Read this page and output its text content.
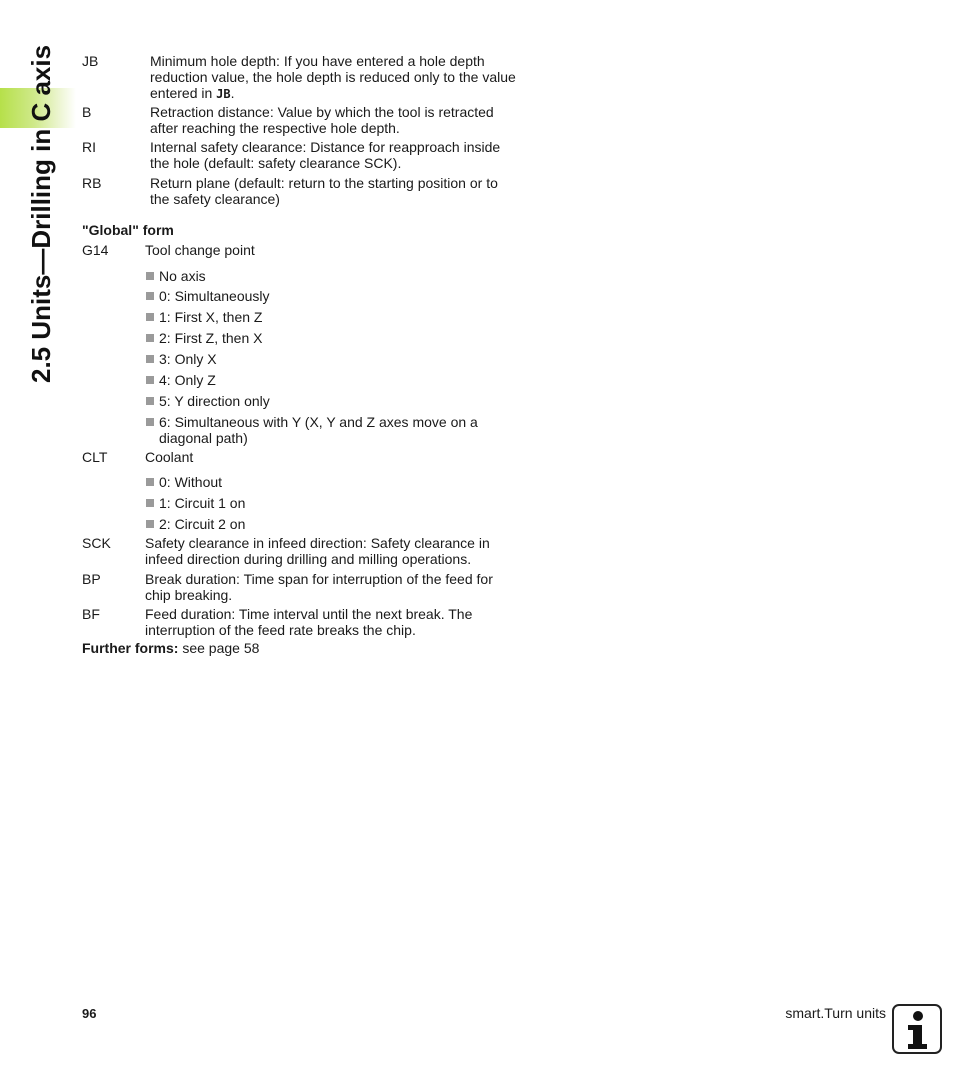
2.5 Units—Drilling in C axis JB	Minimum hole depth: If you have entered a hole depth reduction value, the hole depth is reduced only to the value entered in JB.
B	Retraction distance: Value by which the tool is retracted after reaching the respective hole depth.
RI	Internal safety clearance: Distance for reapproach inside the hole (default: safety clearance SCK).
RB	Return plane (default: return to the starting position or to the safety clearance)
"Global" form
G14	Tool change point
No axis
0: Simultaneously
1: First X, then Z
2: First Z, then X
3: Only X
4: Only Z
5: Y direction only
6: Simultaneous with Y (X, Y and Z axes move on a diagonal path)
CLT	Coolant
0: Without
1: Circuit 1 on
2: Circuit 2 on
SCK Safety clearance in infeed direction: Safety clearance in infeed direction during drilling and milling operations.
BP	Break duration: Time span for interruption of the feed for chip breaking.
BF	Feed duration: Time interval until the next break. The interruption of the feed rate breaks the chip.
Further forms: see page 58
96	smart.Turn units
